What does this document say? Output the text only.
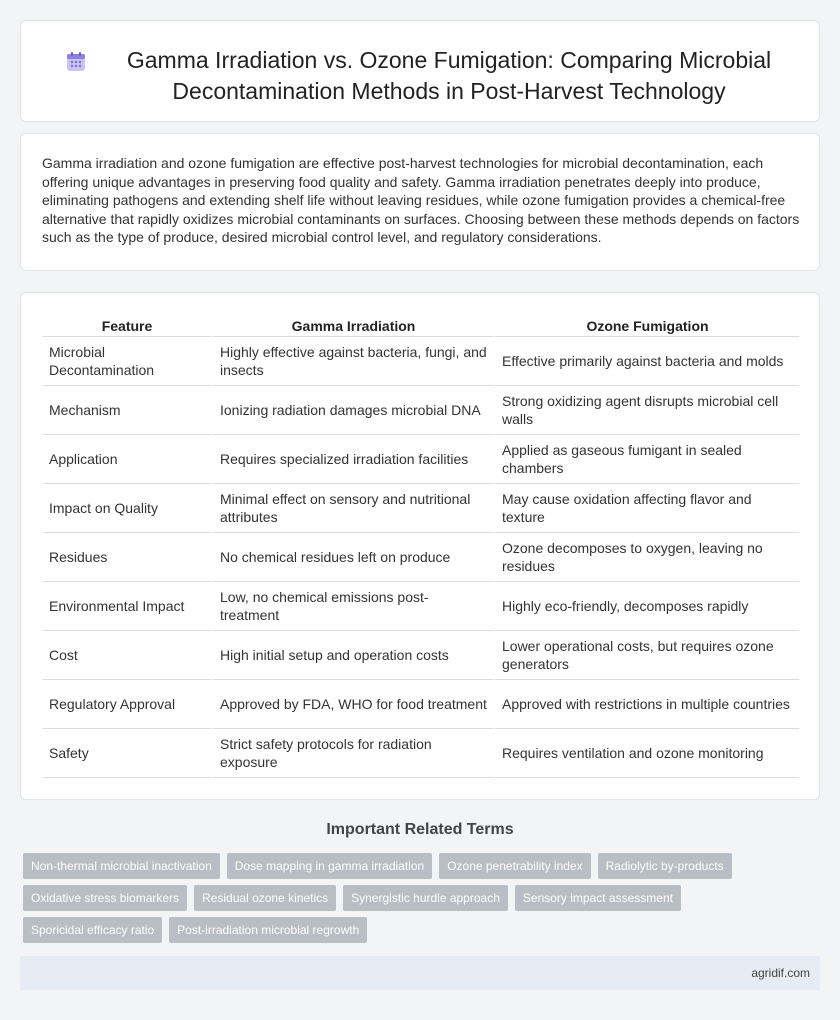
Gamma Irradiation vs. Ozone Fumigation: Comparing Microbial Decontamination Methods in Post-Harvest Technology

Gamma irradiation and ozone fumigation are effective post-harvest technologies for microbial decontamination, each offering unique advantages in preserving food quality and safety. Gamma irradiation penetrates deeply into produce, eliminating pathogens and extending shelf life without leaving residues, while ozone fumigation provides a chemical-free alternative that rapidly oxidizes microbial contaminants on surfaces. Choosing between these methods depends on factors such as the type of produce, desired microbial control level, and regulatory considerations.

Feature	Gamma Irradiation	Ozone Fumigation
Microbial Decontamination	Highly effective against bacteria, fungi, and insects	Effective primarily against bacteria and molds
Mechanism	Ionizing radiation damages microbial DNA	Strong oxidizing agent disrupts microbial cell walls
Application	Requires specialized irradiation facilities	Applied as gaseous fumigant in sealed chambers
Impact on Quality	Minimal effect on sensory and nutritional attributes	May cause oxidation affecting flavor and texture
Residues	No chemical residues left on produce	Ozone decomposes to oxygen, leaving no residues
Environmental Impact	Low, no chemical emissions post-treatment	Highly eco-friendly, decomposes rapidly
Cost	High initial setup and operation costs	Lower operational costs, but requires ozone generators
Regulatory Approval	Approved by FDA, WHO for food treatment	Approved with restrictions in multiple countries
Safety	Strict safety protocols for radiation exposure	Requires ventilation and ozone monitoring
Important Related Terms
Non-thermal microbial inactivation	Dose mapping in gamma irradiation	Ozone penetrability index	Radiolytic by-products
Oxidative stress biomarkers	Residual ozone kinetics	Synergistic hurdle approach	Sensory impact assessment
Sporicidal efficacy ratio	Post-irradiation microbial regrowth
agridif.com
